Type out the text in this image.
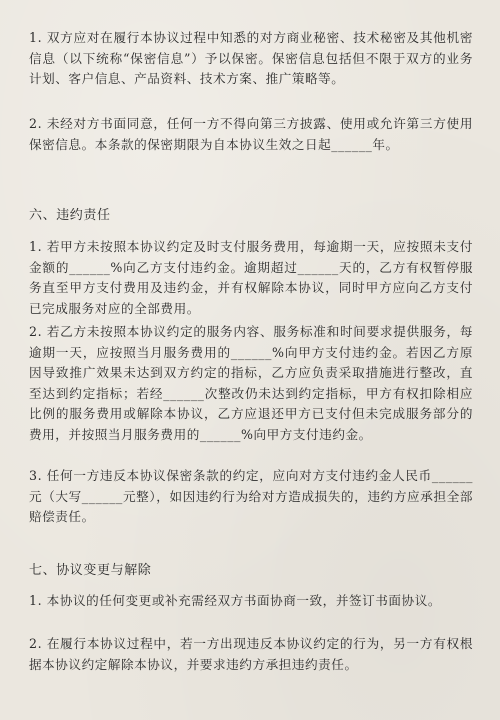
1. 双方应对在履行本协议过程中知悉的对方商业秘密、技术秘密及其他机密信息（以下统称“保密信息”）予以保密。保密信息包括但不限于双方的业务计划、客户信息、产品资料、技术方案、推广策略等。

2. 未经对方书面同意，任何一方不得向第三方披露、使用或允许第三方使用保密信息。本条款的保密期限为自本协议生效之日起______年。

六、违约责任

1. 若甲方未按照本协议约定及时支付服务费用，每逾期一天，应按照未支付金额的______%向乙方支付违约金。逾期超过______天的，乙方有权暂停服务直至甲方支付费用及违约金，并有权解除本协议，同时甲方应向乙方支付已完成服务对应的全部费用。

2. 若乙方未按照本协议约定的服务内容、服务标准和时间要求提供服务，每逾期一天，应按照当月服务费用的______%向甲方支付违约金。若因乙方原因导致推广效果未达到双方约定的指标，乙方应负责采取措施进行整改，直至达到约定指标；若经______次整改仍未达到约定指标，甲方有权扣除相应比例的服务费用或解除本协议，乙方应退还甲方已支付但未完成服务部分的费用，并按照当月服务费用的______%向甲方支付违约金。

3. 任何一方违反本协议保密条款的约定，应向对方支付违约金人民币______元（大写______元整），如因违约行为给对方造成损失的，违约方应承担全部赔偿责任。

七、协议变更与解除

1. 本协议的任何变更或补充需经双方书面协商一致，并签订书面协议。

2. 在履行本协议过程中，若一方出现违反本协议约定的行为，另一方有权根据本协议约定解除本协议，并要求违约方承担违约责任。
